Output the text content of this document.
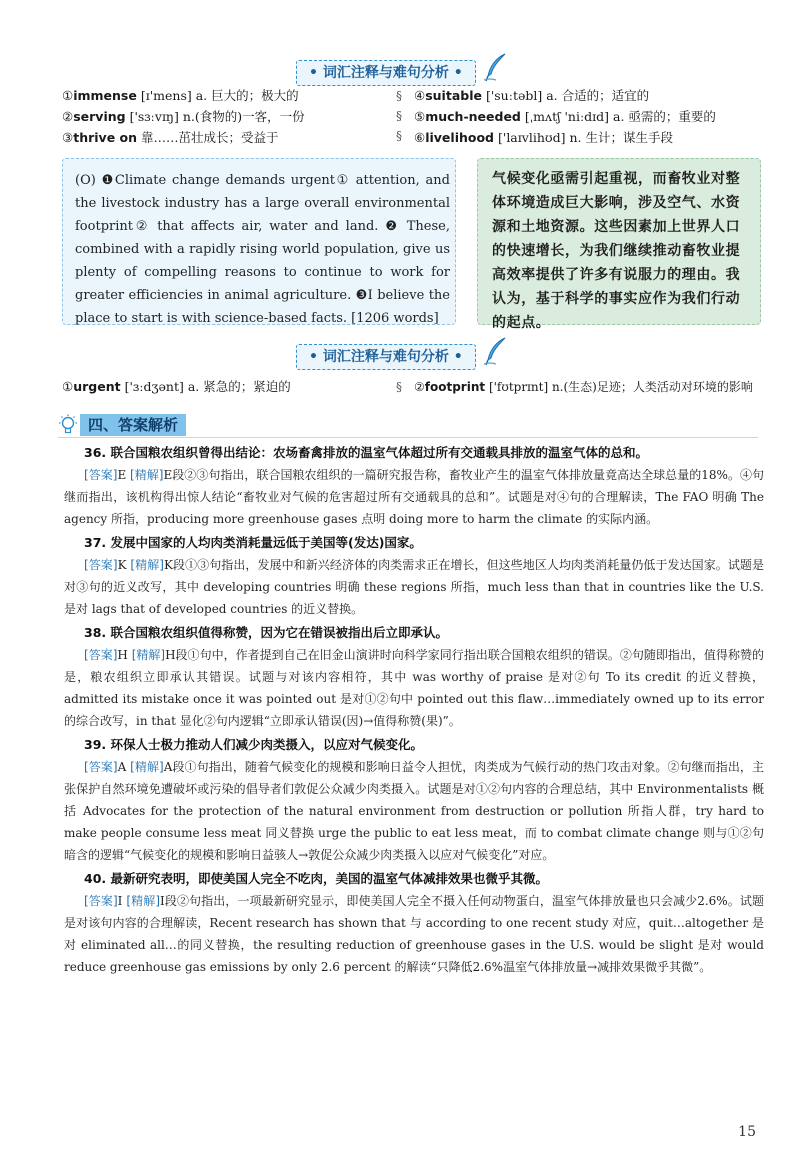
• 词汇注释与难句分析 •
①immense [ɪ'mens] a. 巨大的；极大的	④suitable ['suːtəbl] a. 合适的；适宜的
②serving ['sɜːvɪŋ] n.(食物的)一客，一份	⑤much-needed [ˌmʌtʃ 'niːdɪd] a. 亟需的；重要的
③thrive on 靠……茁壮成长；受益于	⑥livelihood ['laɪvlihʊd] n. 生计；谋生手段
§
§
§
(O) ❶Climate change demands urgent① attention, and the livestock industry has a large overall environmental footprint② that affects air, water and land. ❷ These, combined with a rapidly rising world population, give us plenty of compelling reasons to continue to work for greater efficiencies in animal agriculture. ❸I believe the place to start is with science-based facts. [1206 words]
气候变化亟需引起重视，而畜牧业对整体环境造成巨大影响，涉及空气、水资源和土地资源。这些因素加上世界人口的快速增长，为我们继续推动畜牧业提高效率提供了许多有说服力的理由。我认为，基于科学的事实应作为我们行动的起点。
• 词汇注释与难句分析 •
①urgent ['ɜːdʒənt] a. 紧急的；紧迫的	§ ②footprint ['fʊtprɪnt] n.(生态)足迹；人类活动对环境的影响
四、答案解析
36. 联合国粮农组织曾得出结论：农场畜禽排放的温室气体超过所有交通载具排放的温室气体的总和。
[答案]E [精解]E段②③句指出，联合国粮农组织的一篇研究报告称，畜牧业产生的温室气体排放量竟高达全球总量的18%。④句继而指出，该机构得出惊人结论“畜牧业对气候的危害超过所有交通载具的总和”。试题是对④句的合理解读，The FAO 明确 The agency 所指，producing more greenhouse gases 点明 doing more to harm the climate 的实际内涵。
37. 发展中国家的人均肉类消耗量远低于美国等(发达)国家。
[答案]K [精解]K段①③句指出，发展中和新兴经济体的肉类需求正在增长，但这些地区人均肉类消耗量仍低于发达国家。试题是对③句的近义改写，其中 developing countries 明确 these regions 所指，much less than that in countries like the U.S. 是对 lags that of developed countries 的近义替换。
38. 联合国粮农组织值得称赞，因为它在错误被指出后立即承认。
[答案]H [精解]H段①句中，作者提到自己在旧金山演讲时向科学家同行指出联合国粮农组织的错误。②句随即指出，值得称赞的是，粮农组织立即承认其错误。试题与对该内容相符，其中 was worthy of praise 是对②句 To its credit 的近义替换，admitted its mistake once it was pointed out 是对①②句中 pointed out this flaw…immediately owned up to its error 的综合改写，in that 显化②句内逻辑“立即承认错误(因)→值得称赞(果)”。
39. 环保人士极力推动人们减少肉类摄入，以应对气候变化。
[答案]A [精解]A段①句指出，随着气候变化的规模和影响日益令人担忧，肉类成为气候行动的热门攻击对象。②句继而指出，主张保护自然环境免遭破坏或污染的倡导者们敦促公众减少肉类摄入。试题是对①②句内容的合理总结，其中 Environmentalists 概括 Advocates for the protection of the natural environment from destruction or pollution 所指人群，try hard to make people consume less meat 同义替换 urge the public to eat less meat，而 to combat climate change 则与①②句暗含的逻辑“气候变化的规模和影响日益骇人→敦促公众减少肉类摄入以应对气候变化”对应。
40. 最新研究表明，即使美国人完全不吃肉，美国的温室气体减排效果也微乎其微。
[答案]I [精解]I段②句指出，一项最新研究显示，即使美国人完全不摄入任何动物蛋白，温室气体排放量也只会减少2.6%。试题是对该句内容的合理解读，Recent research has shown that 与 according to one recent study 对应，quit…altogether 是对 eliminated all…的同义替换，the resulting reduction of greenhouse gases in the U.S. would be slight 是对 would reduce greenhouse gas emissions by only 2.6 percent 的解读“只降低2.6%温室气体排放量→减排效果微乎其微”。
15
